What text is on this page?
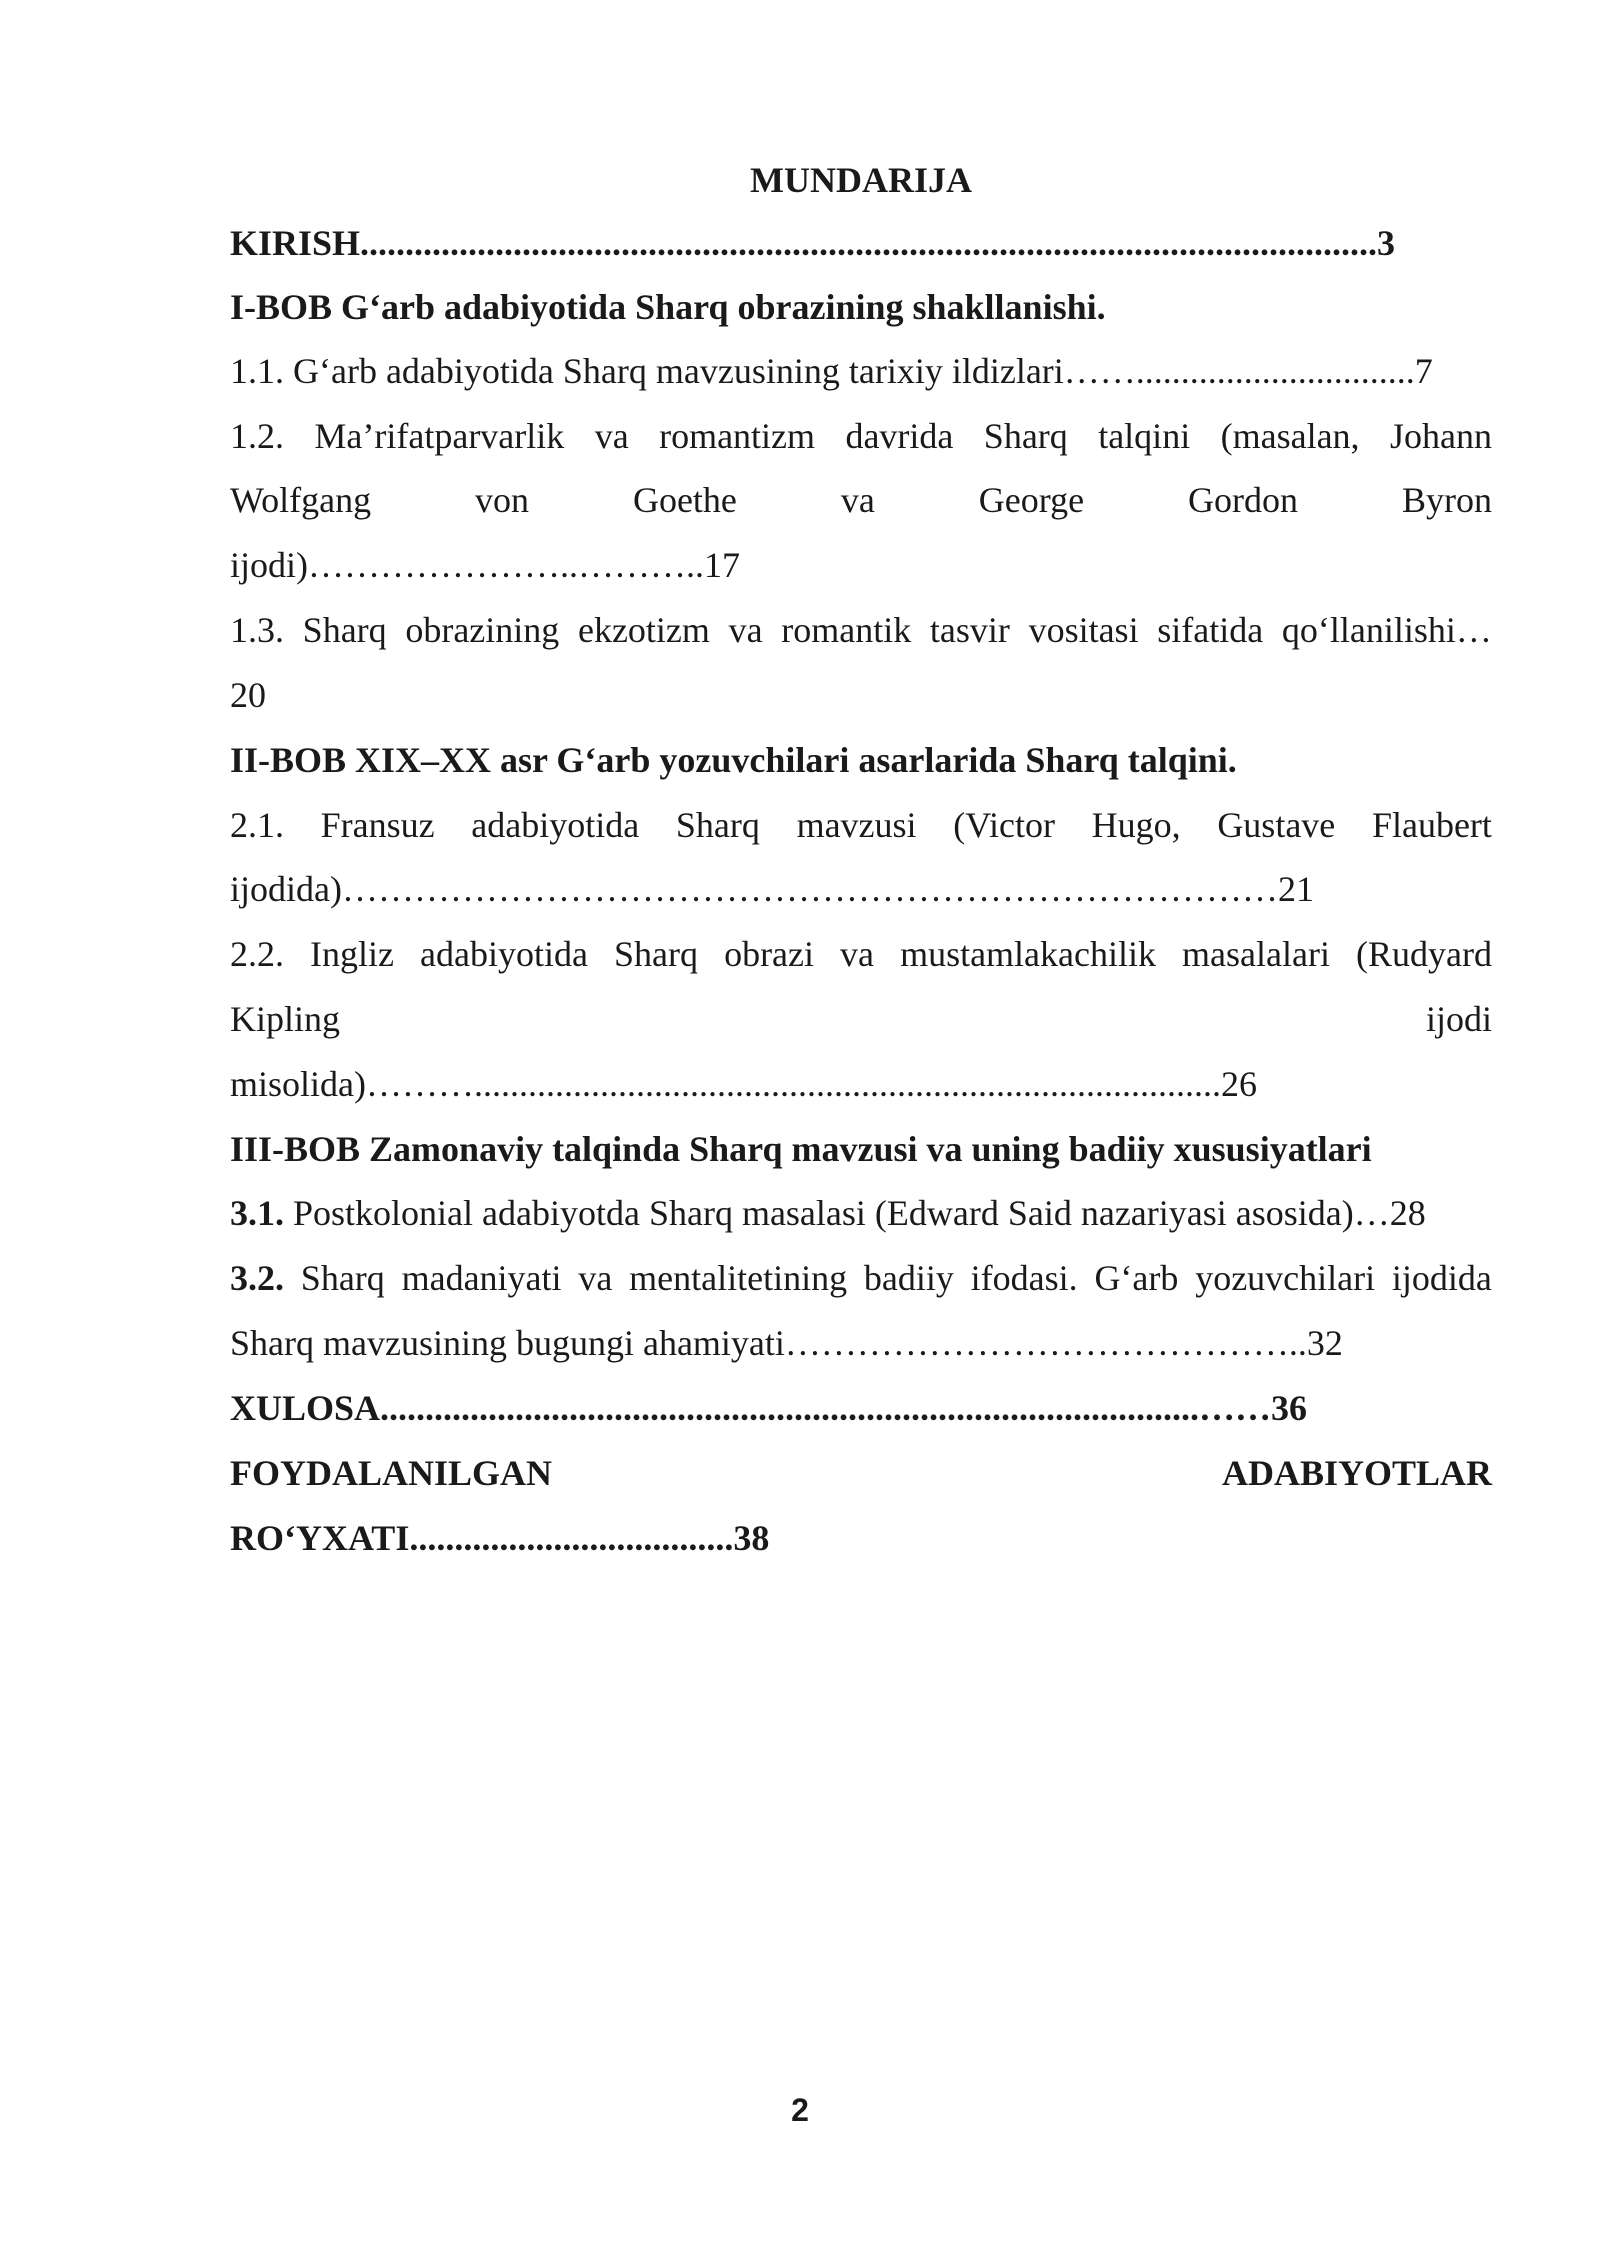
MUNDARIJA
KIRISH.................................................................................................................3
I-BOB G‘arb adabiyotida Sharq obrazining shakllanishi.
1.1. G‘arb adabiyotida Sharq mavzusining tarixiy ildizlari……...............................7
1.2. Ma’rifatparvarlik va romantizm davrida Sharq talqini (masalan, Johann
Wolfgang	von	Goethe	va	George	Gordon	Byron
ijodi)…………………..………..17
1.3. Sharq obrazining ekzotizm va romantik tasvir vositasi sifatida qo‘llanilishi…
20
II-BOB XIX–XX asr G‘arb yozuvchilari asarlarida Sharq talqini.
2.1. Fransuz adabiyotida Sharq mavzusi (Victor Hugo, Gustave Flaubert
ijodida)……………………………………………………………………21
2.2. Ingliz adabiyotida Sharq obrazi va mustamlakachilik masalalari (Rudyard
Kipling	ijodi
misolida)………...................................................................................26
III-BOB Zamonaviy talqinda Sharq mavzusi va uning badiiy xususiyatlari
3.1. Postkolonial adabiyotda Sharq masalasi (Edward Said nazariyasi asosida)…28
3.2. Sharq madaniyati va mentalitetining badiiy ifodasi. G‘arb yozuvchilari ijodida
Sharq mavzusining bugungi ahamiyati……………………………………..32
XULOSA...........................................................................................……36
FOYDALANILGAN	ADABIYOTLAR
RO‘YXATI....................................38
2
